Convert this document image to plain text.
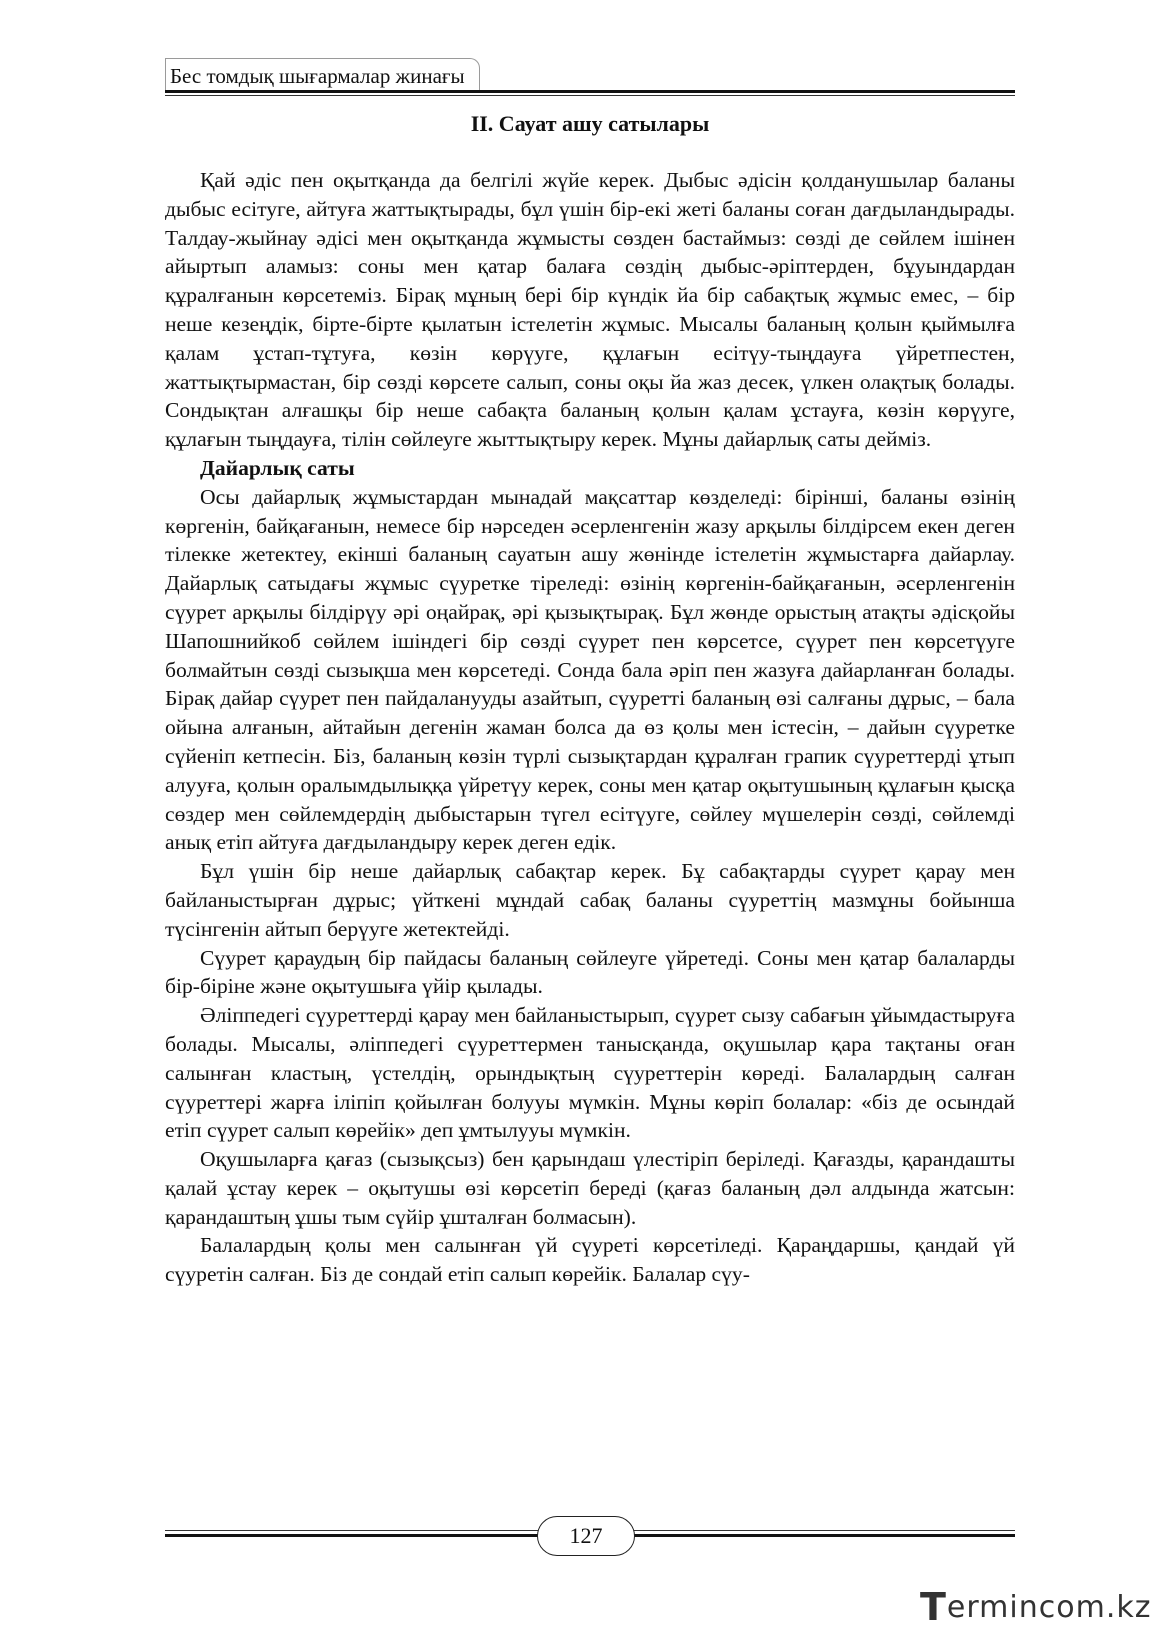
Бес томдық шығармалар жинағы
ІІ. Сауат ашу сатылары

Қай әдіс пен оқытқанда да белгілі жүйе керек. Дыбыс әдісін қолданушылар баланы дыбыс есітуге, айтуға жаттықтырады, бұл үшін бір-екі жеті баланы соған дағдыландырады. Талдау-жыйнау әдісі мен оқытқанда жұмысты сөзден бастаймыз: сөзді де сөйлем ішінен айыртып аламыз: соны мен қатар балаға сөздің дыбыс-әріптерден, бұуындардан құралғанын көрсетеміз. Бірақ мұның бері бір күндік йа бір сабақтық жұмыс емес, – бір неше кезеңдік, бірте-бірте қылатын істелетін жұмыс. Мысалы баланың қолын қыймылға қалам ұстап-тұтуға, көзін көрүуге, құлағын есітүу-тыңдауға үйретпестен, жаттықтырмастан, бір сөзді көрсете салып, соны оқы йа жаз десек, үлкен олақтық болады. Сондықтан алғашқы бір неше сабақта баланың қолын қалам ұстауға, көзін көрүуге, құлағын тыңдауға, тілін сөйлеуге жыттықтыру керек. Мұны дайарлық саты дейміз.

Дайарлық саты

Осы дайарлық жұмыстардан мынадай мақсаттар көзделеді: біріншi, баланы өзінің көргенін, байқағанын, немесе бір нәрседен әсерленгенін жазу арқылы білдірсем екен деген тілекке жетектеу, екінші баланың сауатын ашу жөнінде істелетін жұмыстарға дайарлау. Дайарлық сатыдағы жұмыс сүуретке тіреледі: өзінің көргенін-байқағанын, әсерленгенін сүурет арқылы білдірүу әрі оңайрақ, әрі қызықтырақ. Бұл жөнде орыстың атақты әдісқойы Шапошнийкоб сөйлем ішіндегі бір сөзді сүурет пен көрсетсе, сүурет пен көрсетүуге болмайтын сөзді сызықша мен көрсетеді. Сонда бала әріп пен жазуға дайарланған болады. Бірақ дайар сүурет пен пайдаланууды азайтып, сүуретті баланың өзі салғаны дұрыс, – бала ойына алғанын, айтайын дегенін жаман болса да өз қолы мен істесін, – дайын сүуретке сүйеніп кетпесін. Біз, баланың көзін түрлі сызықтардан құралған грапик сүуреттерді ұтып алууға, қолын оралымдылыққа үйретүу керек, соны мен қатар оқытушының құлағын қысқа сөздер мен сөйлемдердің дыбыстарын түгел есітүуге, сөйлеу мүшелерін сөзді, сөйлемді анық етіп айтуға дағдыландыру керек деген едік.

Бұл үшін бір неше дайарлық сабақтар керек. Бұ сабақтарды сүурет қарау мен байланыстырған дұрыс; үйткені мұндай сабақ баланы сүуреттің мазмұны бойынша түсінгенін айтып берүуге жетектейді.

Сүурет қараудың бір пайдасы баланың сөйлеуге үйретеді. Соны мен қатар балаларды бір-біріне және оқытушыға үйір қылады.

Әліппедегі сүуреттерді қарау мен байланыстырып, сүурет сызу сабағын ұйымдастыруға болады. Мысалы, әліппедегі сүуреттермен танысқанда, оқушылар қара тақтаны оған салынған кластың, үстелдің, орындықтың сүуреттерін көреді. Балалардың салған сүуреттері жарға іліпіп қойылған болууы мүмкін. Мұны көріп болалар: «біз де осындай етіп сүурет салып көрейік» деп ұмтылууы мүмкін.

Оқушыларға қағаз (сызықсыз) бен қарындаш үлестіріп беріледі. Қағазды, қарандашты қалай ұстау керек – оқытушы өзі көрсетіп береді (қағаз баланың дәл алдында жатсын: қарандаштың ұшы тым сүйір ұшталған болмасын).

Балалардың қолы мен салынған үй сүуреті көрсетіледі. Қараңдаршы, қандай үй сүуретін салған. Біз де сондай етіп салып көрейік. Балалар сүу-

127
Termincom.kz
